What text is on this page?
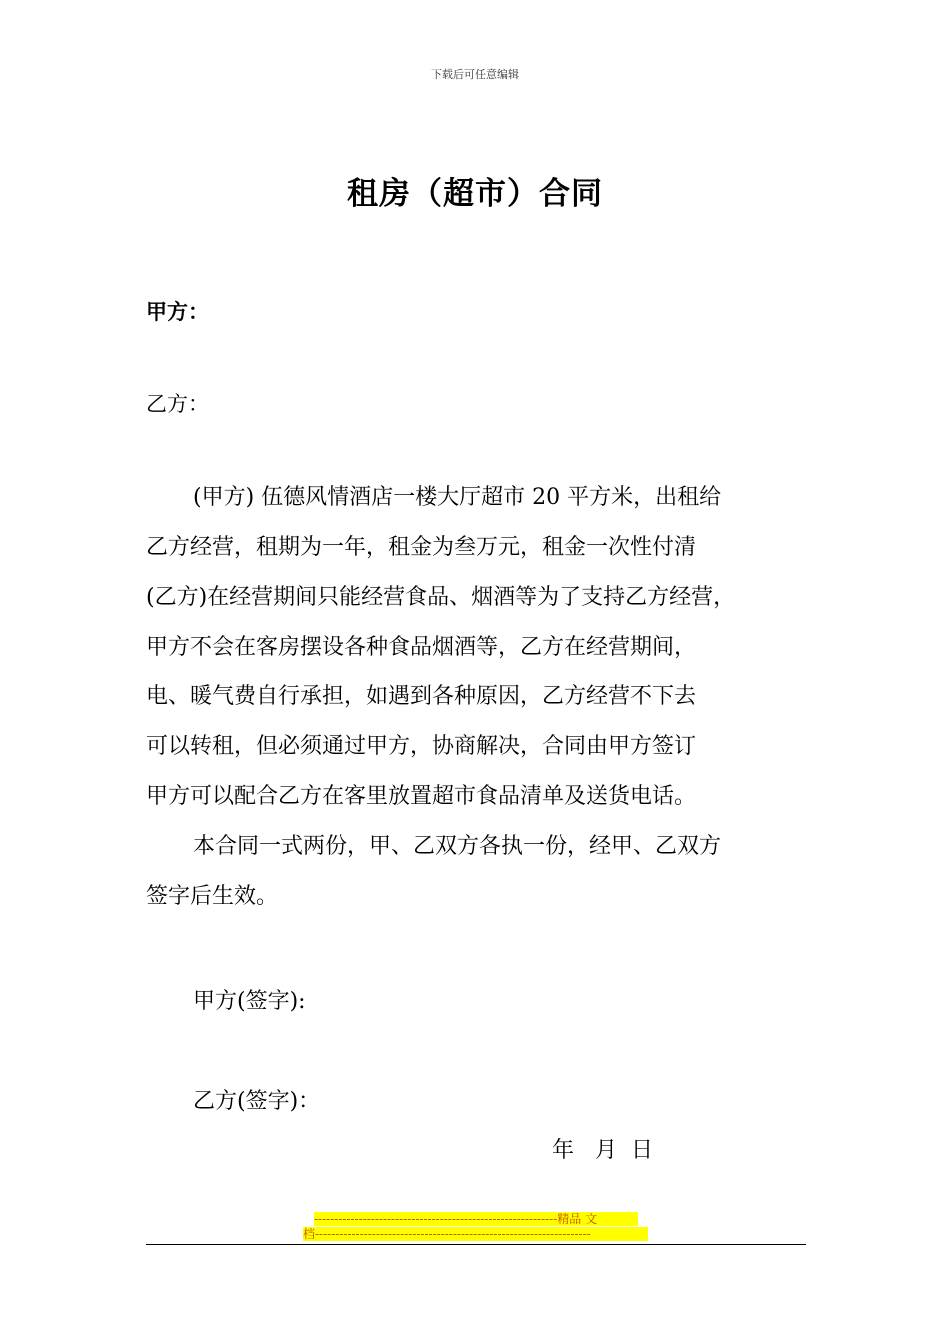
下载后可任意编辑
租房（超市）合同
甲方：
乙方：
(甲方) 伍德风情酒店一楼大厅超市 20 平方米，出租给
乙方经营，租期为一年，租金为叁万元，租金一次性付清
(乙方)在经营期间只能经营食品、烟酒等为了支持乙方经营，
甲方不会在客房摆设各种食品烟酒等，乙方在经营期间，
电、暖气费自行承担，如遇到各种原因，乙方经营不下去
可以转租，但必须通过甲方，协商解决，合同由甲方签订
甲方可以配合乙方在客里放置超市食品清单及送货电话。
本合同一式两份，甲、乙双方各执一份，经甲、乙双方
签字后生效。
甲方(签字):
乙方(签字)：
年   月  日
------------------------------------------------------------精品 文
档--------------------------------------------------------------------
